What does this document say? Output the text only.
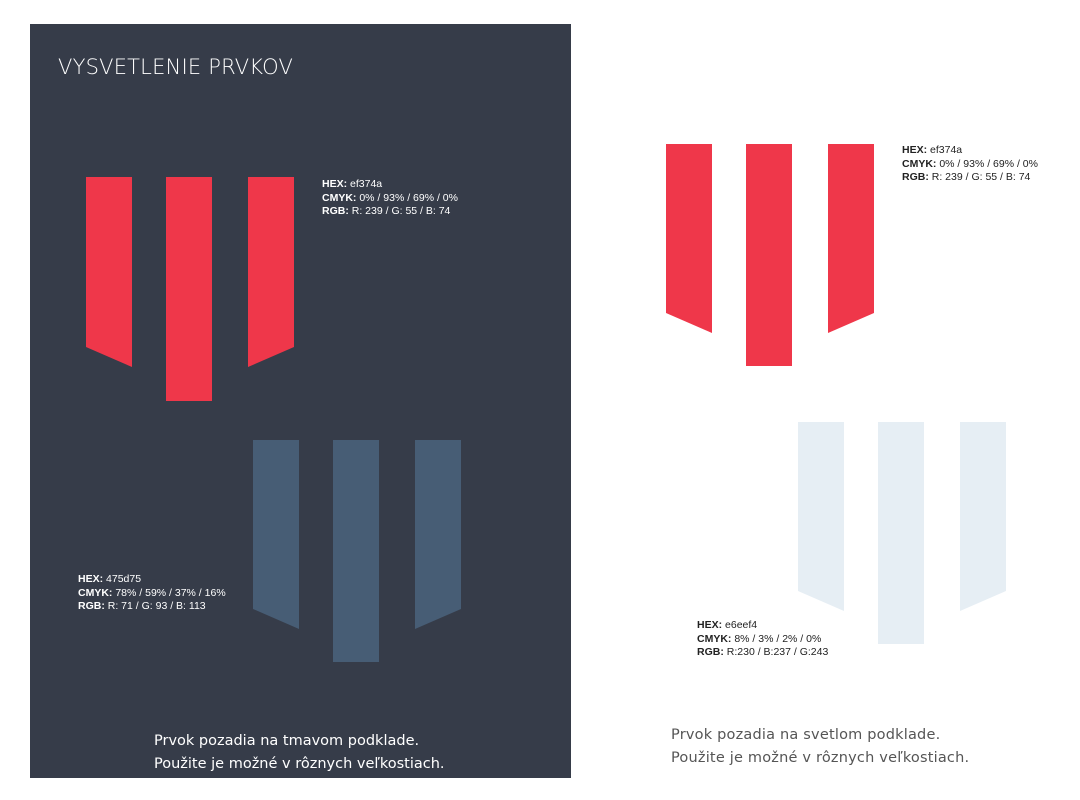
VYSVETLENIE PRVKOV
HEX: ef374a
CMYK: 0% / 93% / 69% / 0%
RGB: R: 239 / G: 55 / B: 74
HEX: 475d75
CMYK: 78% / 59% / 37% / 16%
RGB: R: 71 / G: 93 / B: 113
HEX: ef374a
CMYK: 0% / 93% / 69% / 0%
RGB: R: 239 / G: 55 / B: 74
HEX: e6eef4
CMYK: 8% / 3% / 2% / 0%
RGB: R:230 / B:237 / G:243
Prvok pozadia na tmavom podklade.
Použite je možné v rôznych veľkostiach.
Prvok pozadia na svetlom podklade.
Použite je možné v rôznych veľkostiach.
